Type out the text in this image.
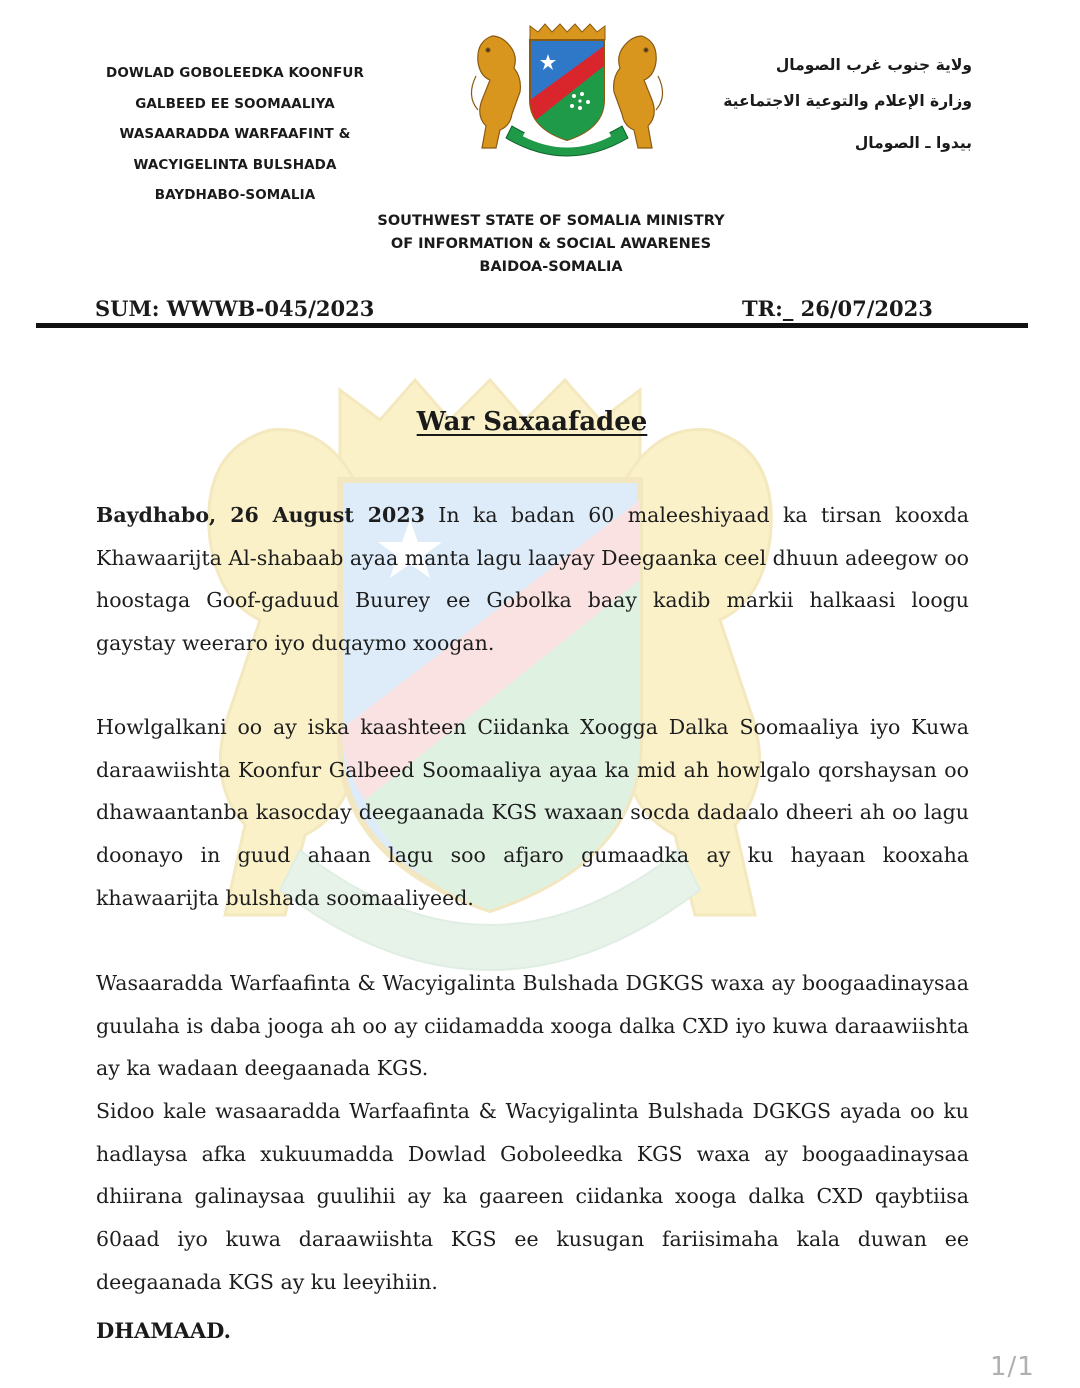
DOWLAD GOBOLEEDKA KOONFUR
GALBEED EE SOOMAALIYA
WASAARADDA WARFAAFINT &
WACYIGELINTA BULSHADA
BAYDHABO-SOMALIA
ولاية جنوب غرب الصومال
وزارة الإعلام والتوعية الاجتماعية
بيدوا ـ الصومال
SOUTHWEST STATE OF SOMALIA MINISTRY
OF INFORMATION & SOCIAL AWARENES
BAIDOA-SOMALIA
SUM: WWWB-045/2023	TR:_ 26/07/2023
War Saxaafadee
Baydhabo, 26 August 2023 In ka badan 60 maleeshiyaad ka tirsan kooxda Khawaarijta Al-shabaab ayaa manta lagu laayay Deegaanka ceel dhuun adeegow oo hoostaga Goof-gaduud Buurey ee Gobolka baay kadib markii halkaasi loogu gaystay weeraro iyo duqaymo xoogan.
Howlgalkani oo ay iska kaashteen Ciidanka Xoogga Dalka Soomaaliya iyo Kuwa daraawiishta Koonfur Galbeed Soomaaliya ayaa ka mid ah howlgalo qorshaysan oo dhawaantanba kasocday deegaanada KGS waxaan socda dadaalo dheeri ah oo lagu doonayo in guud ahaan lagu soo afjaro gumaadka ay ku hayaan kooxaha khawaarijta bulshada soomaaliyeed.
Wasaaradda Warfaafinta & Wacyigalinta Bulshada DGKGS waxa ay boogaadinaysaa guulaha is daba jooga ah oo ay ciidamadda xooga dalka CXD iyo kuwa daraawiishta ay ka wadaan deegaanada KGS.
Sidoo kale wasaaradda Warfaafinta & Wacyigalinta Bulshada DGKGS ayada oo ku hadlaysa afka xukuumadda Dowlad Goboleedka KGS waxa ay boogaadinaysaa dhiirana galinaysaa guulihii ay ka gaareen ciidanka xooga dalka CXD qaybtiisa 60aad iyo kuwa daraawiishta KGS ee kusugan fariisimaha kala duwan ee deegaanada KGS ay ku leeyihiin.
DHAMAAD.
1/1
